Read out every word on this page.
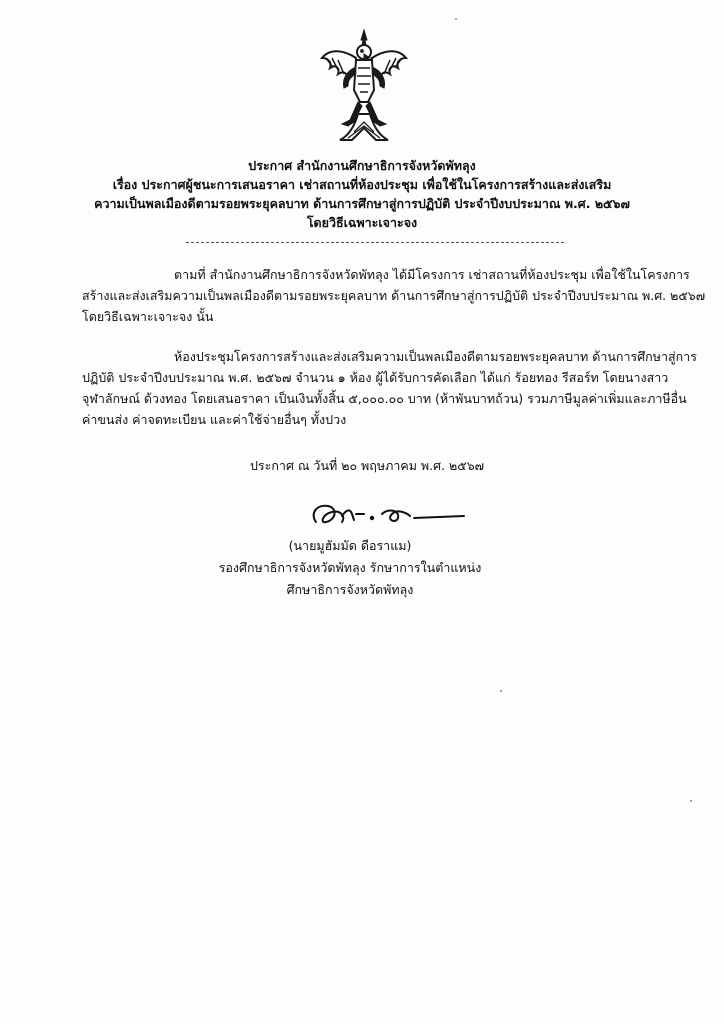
ประกาศ สำนักงานศึกษาธิการจังหวัดพัทลุง
เรื่อง ประกาศผู้ชนะการเสนอราคา เช่าสถานที่ห้องประชุม เพื่อใช้ในโครงการสร้างและส่งเสริม
ความเป็นพลเมืองดีตามรอยพระยุคลบาท ด้านการศึกษาสู่การปฏิบัติ ประจำปีงบประมาณ พ.ศ. ๒๕๖๗
โดยวิธีเฉพาะเจาะจง
ตามที่ สำนักงานศึกษาธิการจังหวัดพัทลุง ได้มีโครงการ เช่าสถานที่ห้องประชุม เพื่อใช้ในโครงการ
สร้างและส่งเสริมความเป็นพลเมืองดีตามรอยพระยุคลบาท ด้านการศึกษาสู่การปฏิบัติ ประจำปีงบประมาณ พ.ศ. ๒๕๖๗
โดยวิธีเฉพาะเจาะจง นั้น
ห้องประชุมโครงการสร้างและส่งเสริมความเป็นพลเมืองดีตามรอยพระยุคลบาท ด้านการศึกษาสู่การ
ปฏิบัติ ประจำปีงบประมาณ พ.ศ. ๒๕๖๗ จำนวน ๑ ห้อง ผู้ได้รับการคัดเลือก ได้แก่ ร้อยทอง รีสอร์ท โดยนางสาว
จุฬาลักษณ์ ด้วงทอง โดยเสนอราคา เป็นเงินทั้งสิ้น ๕,๐๐๐.๐๐ บาท (ห้าพันบาทถ้วน) รวมภาษีมูลค่าเพิ่มและภาษีอื่น
ค่าขนส่ง ค่าจดทะเบียน และค่าใช้จ่ายอื่นๆ ทั้งปวง
ประกาศ ณ วันที่ ๒๐ พฤษภาคม พ.ศ. ๒๕๖๗
(นายมูฮัมมัด ดือราแม)
รองศึกษาธิการจังหวัดพัทลุง รักษาการในตำแหน่ง
ศึกษาธิการจังหวัดพัทลุง
